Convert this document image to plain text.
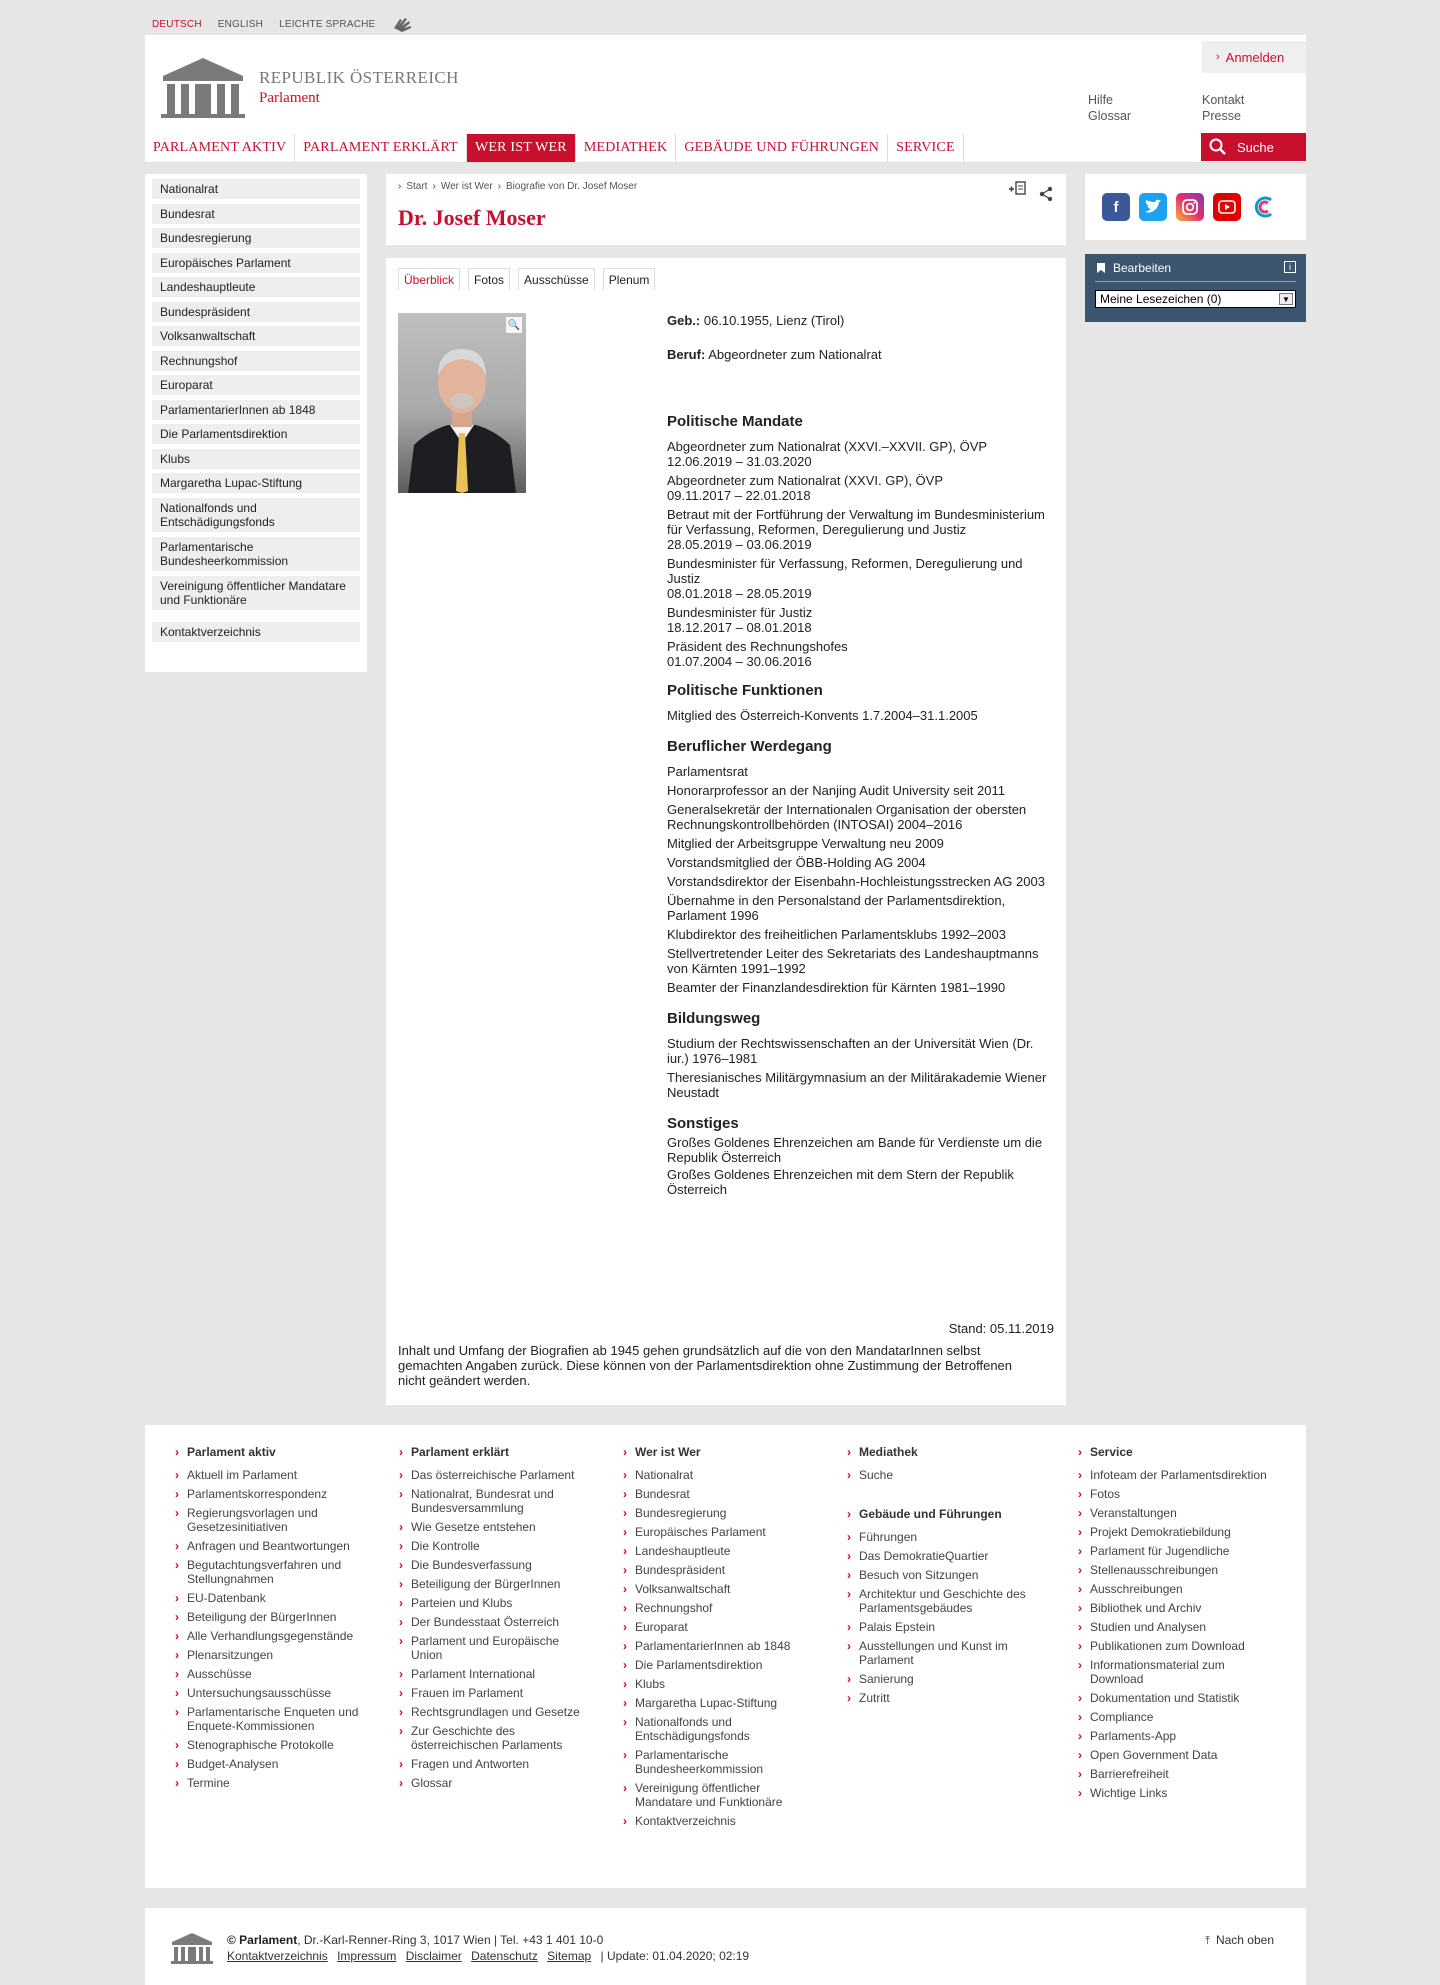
DEUTSCH ENGLISH LEICHTE SPRACHE
REPUBLIK ÖSTERREICH
Parlament
› Anmelden
Hilfe
Glossar
Kontakt
Presse
PARLAMENT AKTIV	PARLAMENT ERKLÄRT	WER IST WER	MEDIATHEK	GEBÄUDE UND FÜHRUNGEN	SERVICE	Suche
Nationalrat
Bundesrat
Bundesregierung
Europäisches Parlament
Landeshauptleute
Bundespräsident
Volksanwaltschaft
Rechnungshof
Europarat
ParlamentarierInnen ab 1848
Die Parlamentsdirektion
Klubs
Margaretha Lupac-Stiftung
Nationalfonds und Entschädigungsfonds
Parlamentarische Bundesheerkommission
Vereinigung öffentlicher Mandatare und Funktionäre
Kontaktverzeichnis
› Start › Wer ist Wer › Biografie von Dr. Josef Moser
Dr. Josef Moser
Überblick	Fotos	Ausschüsse	Plenum
🔍	Geb.: 06.10.1955, Lienz (Tirol)
Beruf: Abgeordneter zum Nationalrat
Politische Mandate
Abgeordneter zum Nationalrat (XXVI.–XXVII. GP), ÖVP
12.06.2019 – 31.03.2020
Abgeordneter zum Nationalrat (XXVI. GP), ÖVP
09.11.2017 – 22.01.2018
Betraut mit der Fortführung der Verwaltung im Bundesministerium für Verfassung, Reformen, Deregulierung und Justiz
28.05.2019 – 03.06.2019
Bundesminister für Verfassung, Reformen, Deregulierung und Justiz
08.01.2018 – 28.05.2019
Bundesminister für Justiz
18.12.2017 – 08.01.2018
Präsident des Rechnungshofes
01.07.2004 – 30.06.2016
Politische Funktionen
Mitglied des Österreich-Konvents 1.7.2004–31.1.2005
Beruflicher Werdegang
Parlamentsrat
Honorarprofessor an der Nanjing Audit University seit 2011
Generalsekretär der Internationalen Organisation der obersten Rechnungskontrollbehörden (INTOSAI) 2004–2016
Mitglied der Arbeitsgruppe Verwaltung neu 2009
Vorstandsmitglied der ÖBB-Holding AG 2004
Vorstandsdirektor der Eisenbahn-Hochleistungsstrecken AG 2003
Übernahme in den Personalstand der Parlamentsdirektion, Parlament 1996
Klubdirektor des freiheitlichen Parlamentsklubs 1992–2003
Stellvertretender Leiter des Sekretariats des Landeshauptmanns von Kärnten 1991–1992
Beamter der Finanzlandesdirektion für Kärnten 1981–1990
Bildungsweg
Studium der Rechtswissenschaften an der Universität Wien (Dr. iur.) 1976–1981
Theresianisches Militärgymnasium an der Militärakademie Wiener Neustadt
Sonstiges
Großes Goldenes Ehrenzeichen am Bande für Verdienste um die Republik Österreich
Großes Goldenes Ehrenzeichen mit dem Stern der Republik Österreich
Stand: 05.11.2019
Inhalt und Umfang der Biografien ab 1945 gehen grundsätzlich auf die von den MandatarInnen selbst gemachten Angaben zurück. Diese können von der Parlamentsdirektion ohne Zustimmung der Betroffenen nicht geändert werden.
f
Bearbeiten	i
Meine Lesezeichen (0)	▼
› Parlament aktiv
› Aktuell im Parlament
› Parlamentskorrespondenz
› Regierungsvorlagen und Gesetzesinitiativen
› Anfragen und Beantwortungen
› Begutachtungsverfahren und Stellungnahmen
› EU-Datenbank
› Beteiligung der BürgerInnen
› Alle Verhandlungsgegenstände
› Plenarsitzungen
› Ausschüsse
› Untersuchungsausschüsse
› Parlamentarische Enqueten und Enquete-Kommissionen
› Stenographische Protokolle
› Budget-Analysen
› Termine
› Parlament erklärt
› Das österreichische Parlament
› Nationalrat, Bundesrat und Bundesversammlung
› Wie Gesetze entstehen
› Die Kontrolle
› Die Bundesverfassung
› Beteiligung der BürgerInnen
› Parteien und Klubs
› Der Bundesstaat Österreich
› Parlament und Europäische Union
› Parlament International
› Frauen im Parlament
› Rechtsgrundlagen und Gesetze
› Zur Geschichte des österreichischen Parlaments
› Fragen und Antworten
› Glossar
› Wer ist Wer
› Nationalrat
› Bundesrat
› Bundesregierung
› Europäisches Parlament
› Landeshauptleute
› Bundespräsident
› Volksanwaltschaft
› Rechnungshof
› Europarat
› ParlamentarierInnen ab 1848
› Die Parlamentsdirektion
› Klubs
› Margaretha Lupac-Stiftung
› Nationalfonds und Entschädigungsfonds
› Parlamentarische Bundesheerkommission
› Vereinigung öffentlicher Mandatare und Funktionäre
› Kontaktverzeichnis
› Mediathek
› Suche
› Gebäude und Führungen
› Führungen
› Das DemokratieQuartier
› Besuch von Sitzungen
› Architektur und Geschichte des Parlamentsgebäudes
› Palais Epstein
› Ausstellungen und Kunst im Parlament
› Sanierung
› Zutritt
› Service
› Infoteam der Parlamentsdirektion
› Fotos
› Veranstaltungen
› Projekt Demokratiebildung
› Parlament für Jugendliche
› Stellenausschreibungen
› Ausschreibungen
› Bibliothek und Archiv
› Studien und Analysen
› Publikationen zum Download
› Informationsmaterial zum Download
› Dokumentation und Statistik
› Compliance
› Parlaments-App
› Open Government Data
› Barrierefreiheit
› Wichtige Links
© Parlament, Dr.-Karl-Renner-Ring 3, 1017 Wien | Tel. +43 1 401 10-0
Kontaktverzeichnis Impressum Disclaimer Datenschutz Sitemap | Update: 01.04.2020; 02:19
⤒ Nach oben
